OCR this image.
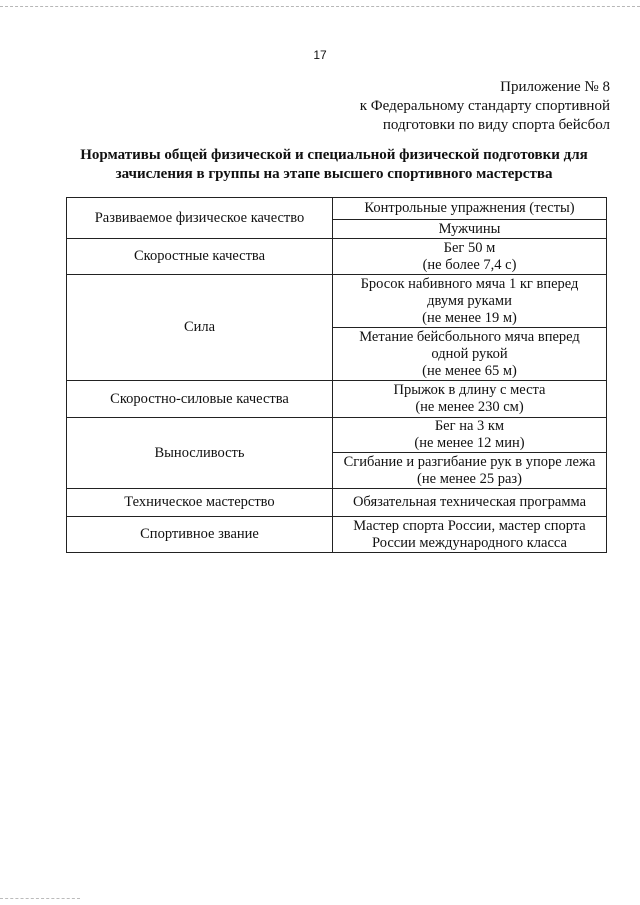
17
Приложение № 8
к Федеральному стандарту спортивной
подготовки по виду спорта бейсбол
Нормативы общей физической и специальной физической подготовки для
зачисления в группы на этапе высшего спортивного мастерства
Развиваемое физическое качество	Контрольные упражнения (тесты)
	Мужчины
Скоростные качества	Бег 50 м
(не более 7,4 с)

Сила	Бросок набивного мяча 1 кг вперед
двумя руками
(не менее 19 м)

	Метание бейсбольного мяча вперед
одной рукой
(не менее 65 м)

Скоростно-силовые качества	Прыжок в длину с места
(не менее 230 см)

Выносливость	Бег на 3 км
(не менее 12 мин)

	Сгибание и разгибание рук в упоре лежа
(не менее 25 раз)

Техническое мастерство	Обязательная техническая программа

Спортивное звание	Мастер спорта России, мастер спорта
России международного класса
